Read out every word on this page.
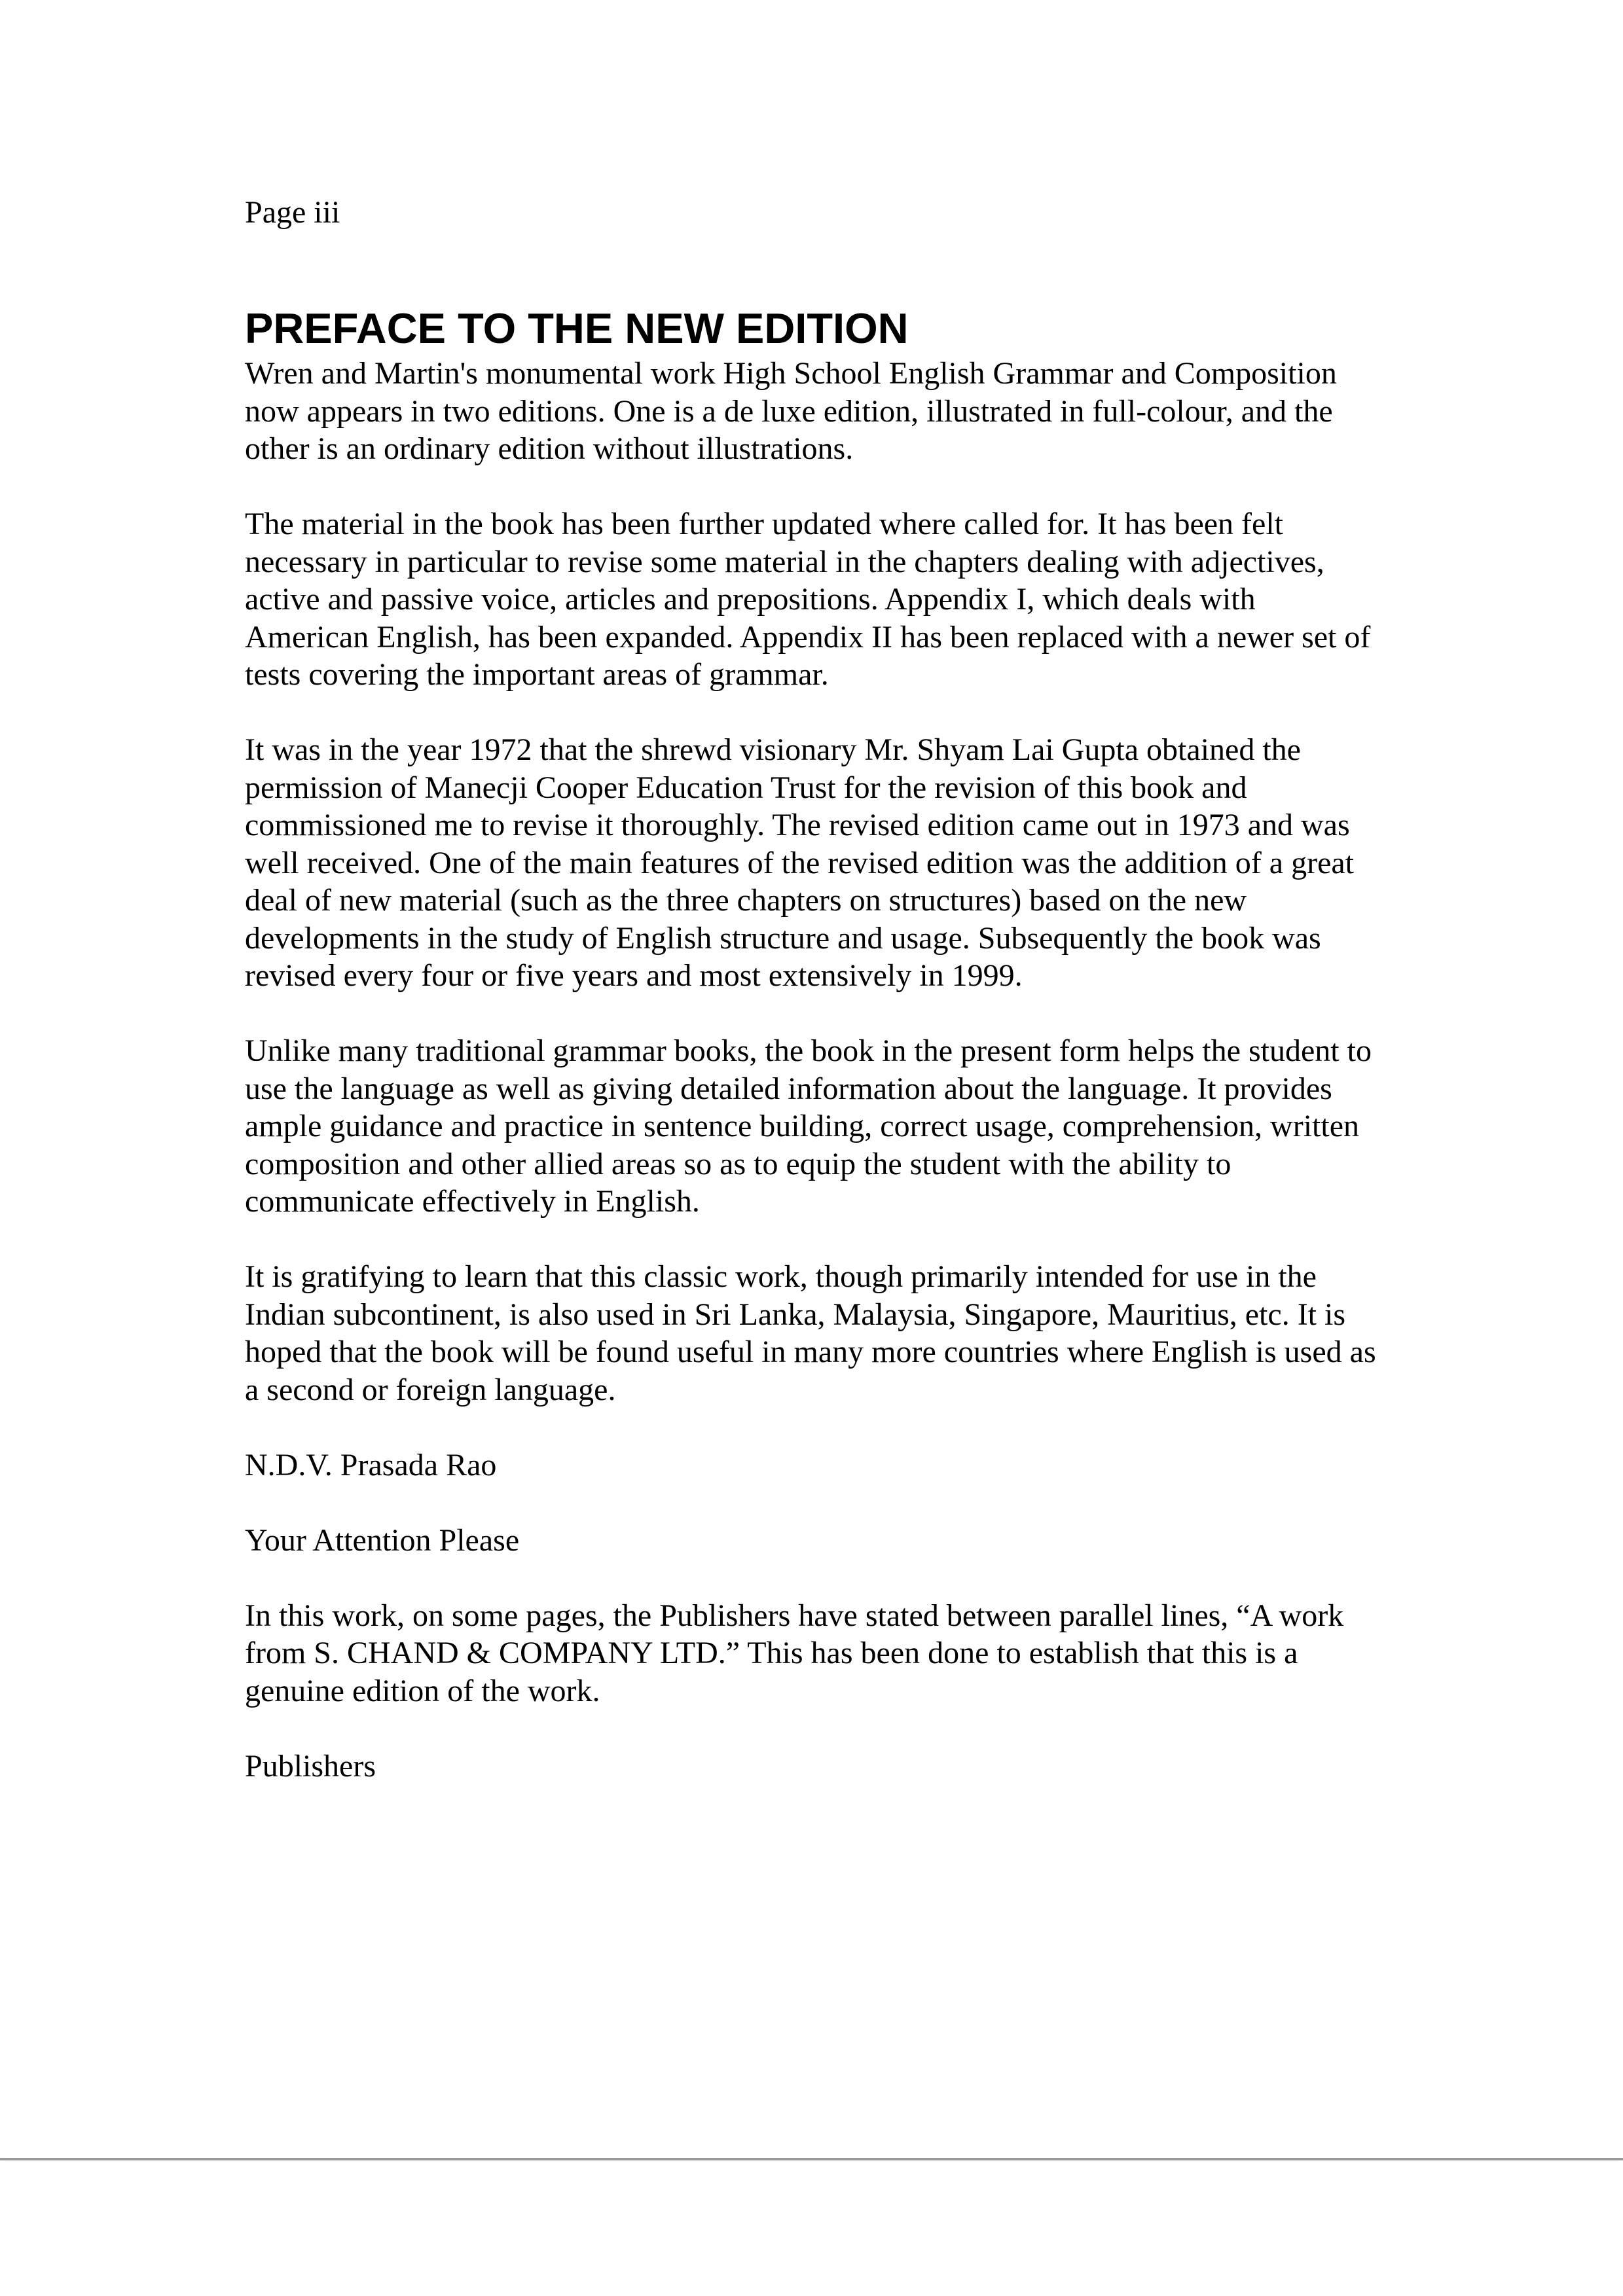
Page iii

PREFACE TO THE NEW EDITION

Wren and Martin's monumental work High School English Grammar and Composition
now appears in two editions. One is a de luxe edition, illustrated in full-colour, and the
other is an ordinary edition without illustrations.

The material in the book has been further updated where called for. It has been felt
necessary in particular to revise some material in the chapters dealing with adjectives,
active and passive voice, articles and prepositions. Appendix I, which deals with
American English, has been expanded. Appendix II has been replaced with a newer set of
tests covering the important areas of grammar.

It was in the year 1972 that the shrewd visionary Mr. Shyam Lai Gupta obtained the
permission of Manecji Cooper Education Trust for the revision of this book and
commissioned me to revise it thoroughly. The revised edition came out in 1973 and was
well received. One of the main features of the revised edition was the addition of a great
deal of new material (such as the three chapters on structures) based on the new
developments in the study of English structure and usage. Subsequently the book was
revised every four or five years and most extensively in 1999.

Unlike many traditional grammar books, the book in the present form helps the student to
use the language as well as giving detailed information about the language. It provides
ample guidance and practice in sentence building, correct usage, comprehension, written
composition and other allied areas so as to equip the student with the ability to
communicate effectively in English.

It is gratifying to learn that this classic work, though primarily intended for use in the
Indian subcontinent, is also used in Sri Lanka, Malaysia, Singapore, Mauritius, etc. It is
hoped that the book will be found useful in many more countries where English is used as
a second or foreign language.

N.D.V. Prasada Rao

Your Attention Please

In this work, on some pages, the Publishers have stated between parallel lines, “A work
from S. CHAND & COMPANY LTD.” This has been done to establish that this is a
genuine edition of the work.

Publishers
